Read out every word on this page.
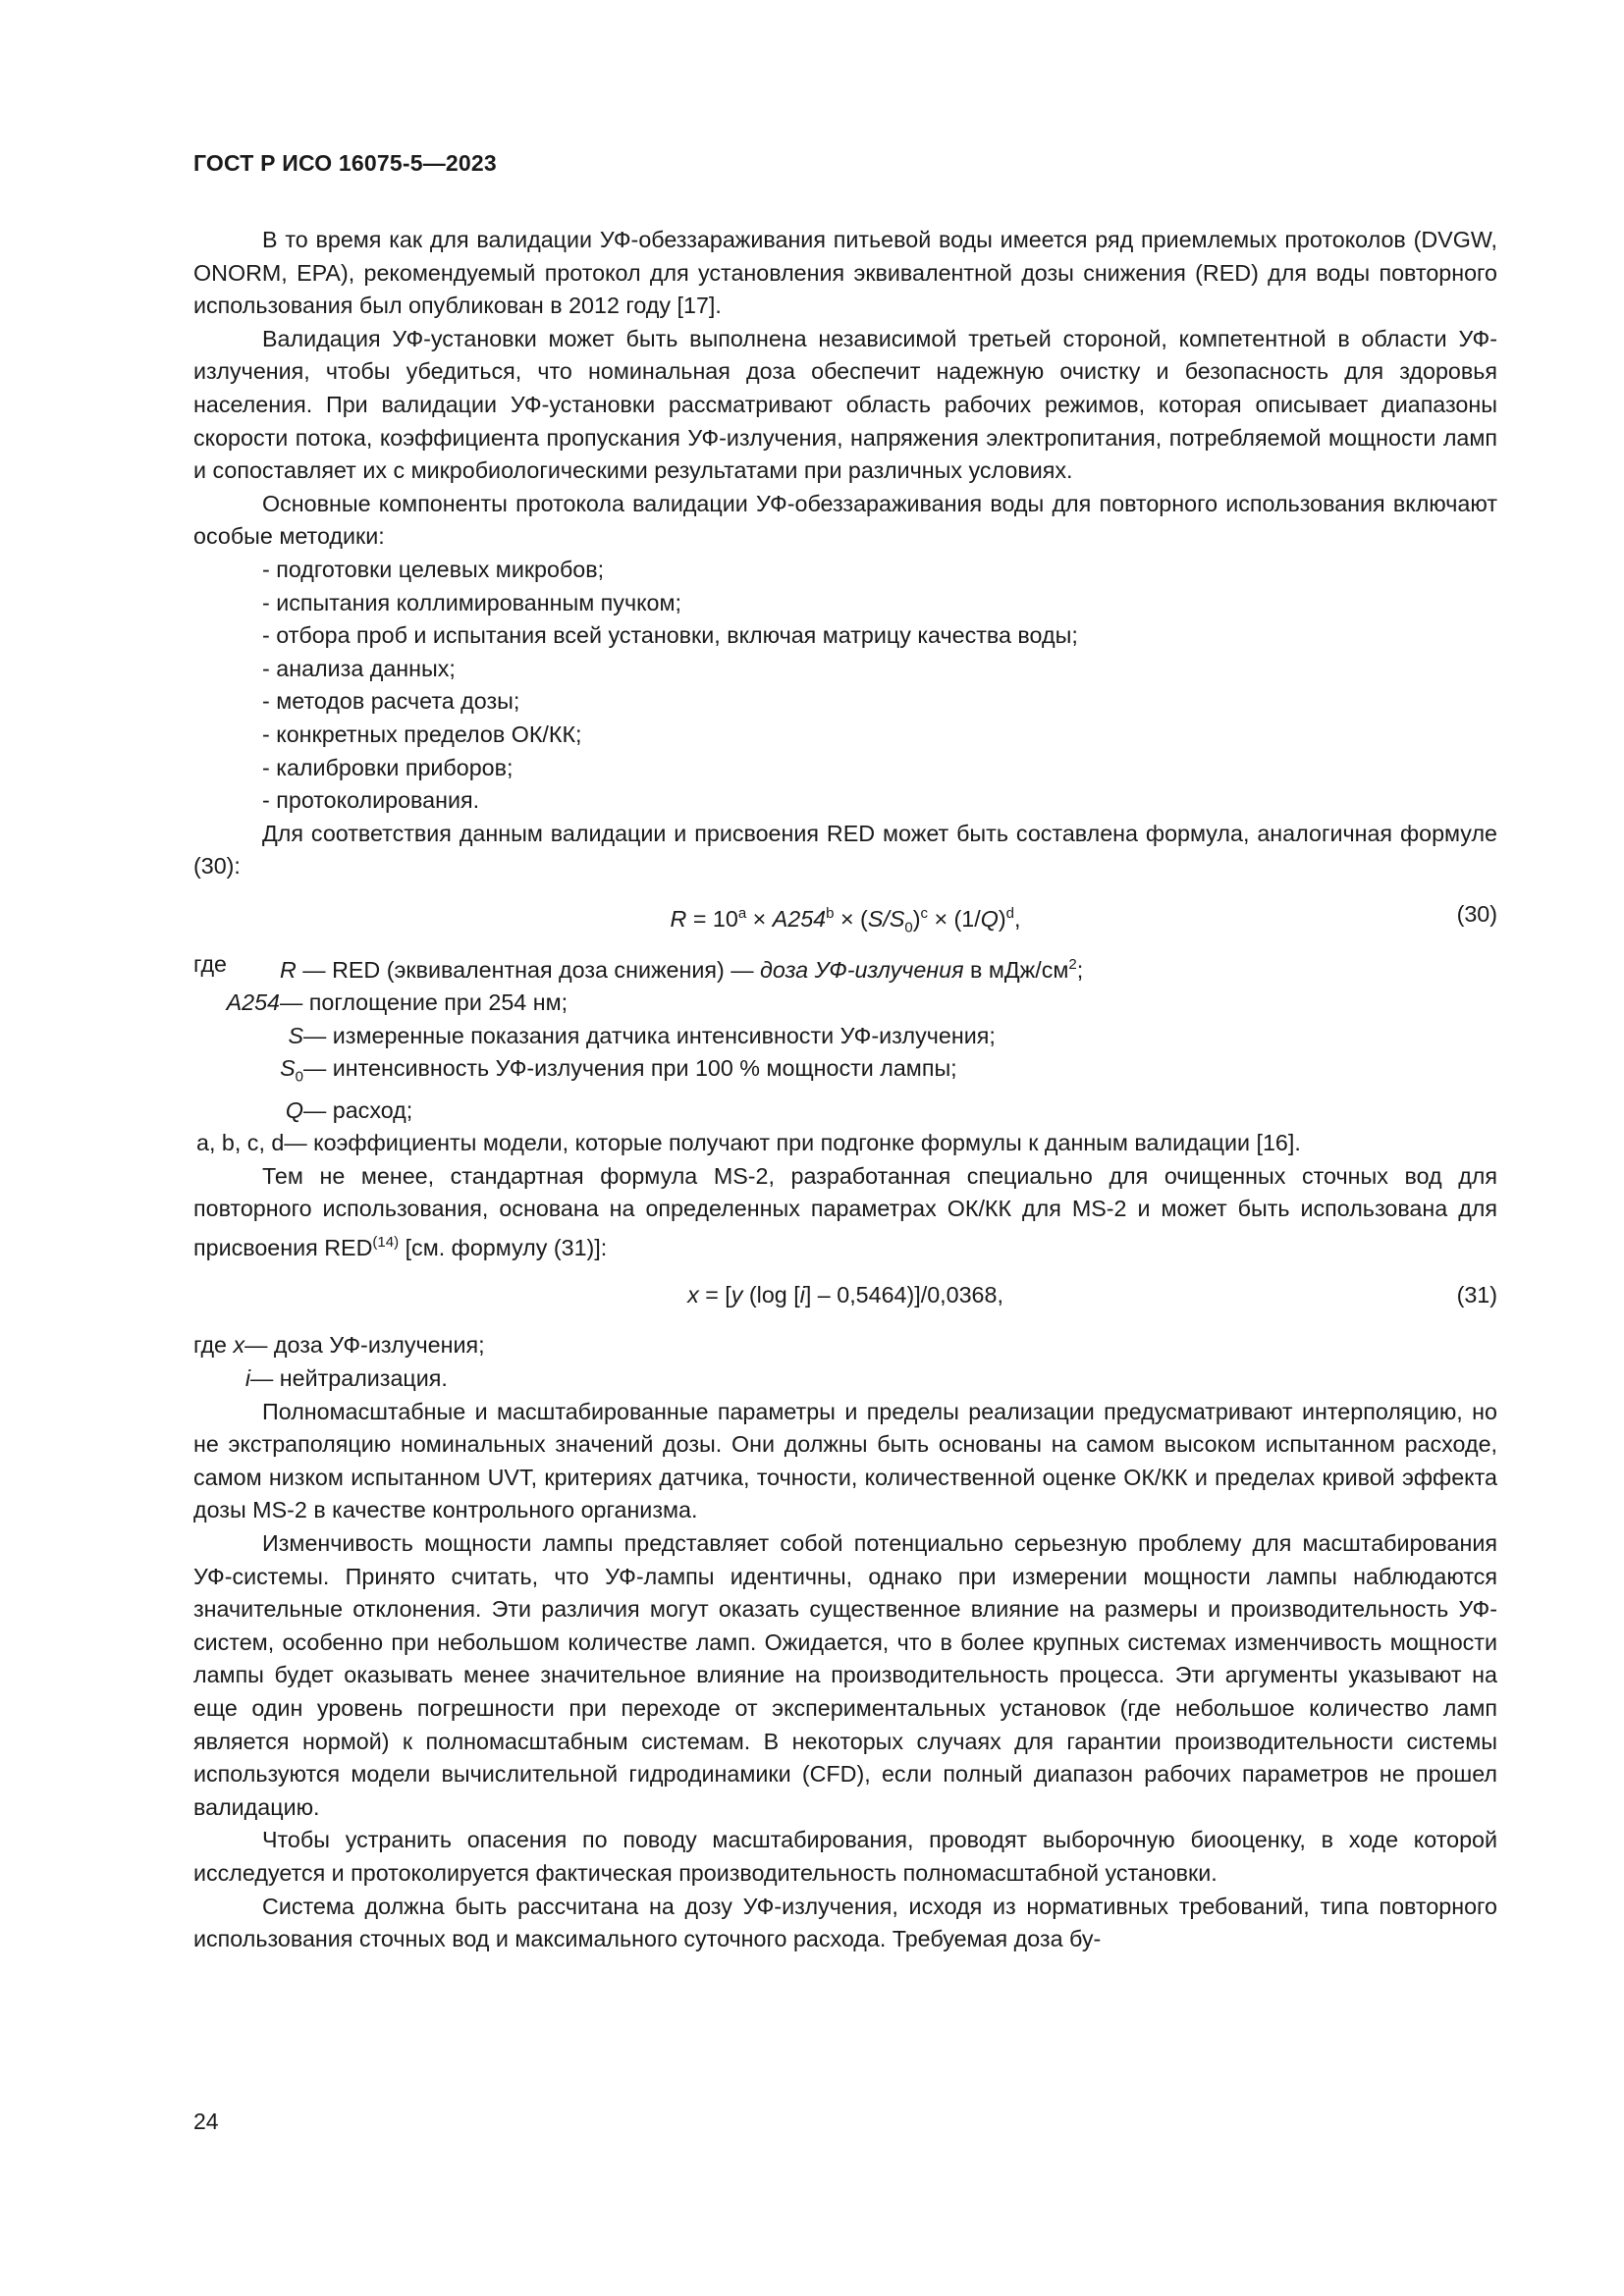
ГОСТ Р ИСО 16075-5—2023

В то время как для валидации УФ-обеззараживания питьевой воды имеется ряд приемлемых протоколов (DVGW, ONORM, EPA), рекомендуемый протокол для установления эквивалентной дозы снижения (RED) для воды повторного использования был опубликован в 2012 году [17].

Валидация УФ-установки может быть выполнена независимой третьей стороной, компетентной в области УФ-излучения, чтобы убедиться, что номинальная доза обеспечит надежную очистку и безопасность для здоровья населения. При валидации УФ-установки рассматривают область рабочих режимов, которая описывает диапазоны скорости потока, коэффициента пропускания УФ-излучения, напряжения электропитания, потребляемой мощности ламп и сопоставляет их с микробиологическими результатами при различных условиях.

Основные компоненты протокола валидации УФ-обеззараживания воды для повторного использования включают особые методики:

- подготовки целевых микробов;
- испытания коллимированным пучком;
- отбора проб и испытания всей установки, включая матрицу качества воды;
- анализа данных;
- методов расчета дозы;
- конкретных пределов ОК/КК;
- калибровки приборов;
- протоколирования.

Для соответствия данным валидации и присвоения RED может быть составлена формула, аналогичная формуле (30):

$R = 10^a \times A254^b \times (S/S_0)^c \times (1/Q)^d$,	(30)
где	R — RED (эквивалентная доза снижения) — доза УФ-излучения в мДж/$см^2$;
A254 — поглощение при 254 нм;
S — измеренные показания датчика интенсивности УФ-излучения;
$S_0$ — интенсивность УФ-излучения при 100 % мощности лампы;
Q — расход;
a, b, c, d — коэффициенты модели, которые получают при подгонке формулы к данным валидации [16].

Тем не менее, стандартная формула MS-2, разработанная специально для очищенных сточных вод для повторного использования, основана на определенных параметрах ОК/КК для MS-2 и может быть использована для присвоения RED$^{(14)}$ [см. формулу (31)]:

x = [y (log [i] – 0,5464)]/0,0368,	(31)
где
x — доза УФ-излучения;
i — нейтрализация.

Полномасштабные и масштабированные параметры и пределы реализации предусматривают интерполяцию, но не экстраполяцию номинальных значений дозы. Они должны быть основаны на самом высоком испытанном расходе, самом низком испытанном UVT, критериях датчика, точности, количественной оценке ОК/КК и пределах кривой эффекта дозы MS-2 в качестве контрольного организма.

Изменчивость мощности лампы представляет собой потенциально серьезную проблему для масштабирования УФ-системы. Принято считать, что УФ-лампы идентичны, однако при измерении мощности лампы наблюдаются значительные отклонения. Эти различия могут оказать существенное влияние на размеры и производительность УФ-систем, особенно при небольшом количестве ламп. Ожидается, что в более крупных системах изменчивость мощности лампы будет оказывать менее значительное влияние на производительность процесса. Эти аргументы указывают на еще один уровень погрешности при переходе от экспериментальных установок (где небольшое количество ламп является нормой) к полномасштабным системам. В некоторых случаях для гарантии производительности системы используются модели вычислительной гидродинамики (CFD), если полный диапазон рабочих параметров не прошел валидацию.

Чтобы устранить опасения по поводу масштабирования, проводят выборочную биооценку, в ходе которой исследуется и протоколируется фактическая производительность полномасштабной установки.

Система должна быть рассчитана на дозу УФ-излучения, исходя из нормативных требований, типа повторного использования сточных вод и максимального суточного расхода. Требуемая доза бу-

24
